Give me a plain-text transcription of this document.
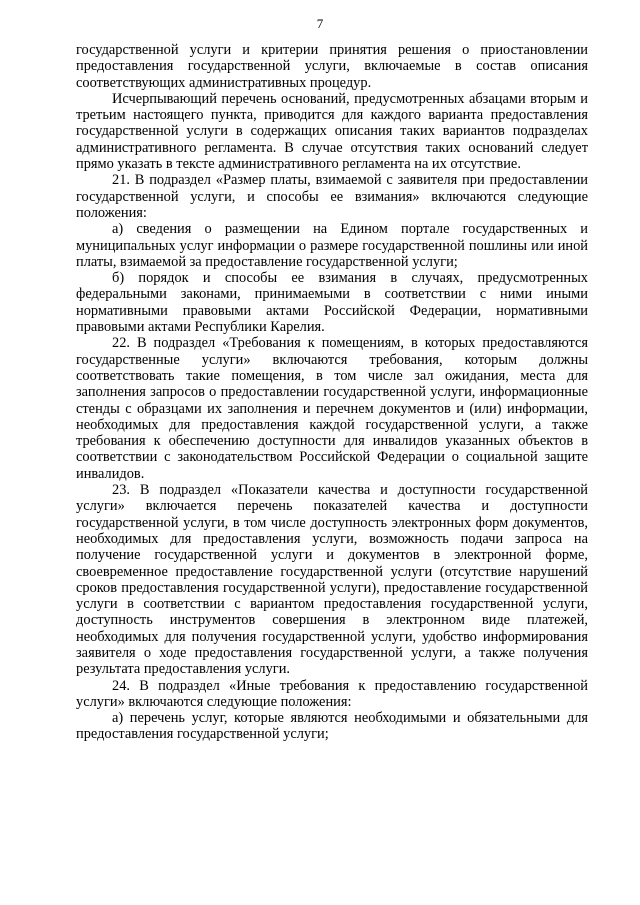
7

государственной услуги и критерии принятия решения о приостановлении предоставления государственной услуги, включаемые в состав описания соответствующих административных процедур.

Исчерпывающий перечень оснований, предусмотренных абзацами вторым и третьим настоящего пункта, приводится для каждого варианта предоставления государственной услуги в содержащих описания таких вариантов подразделах административного регламента. В случае отсутствия таких оснований следует прямо указать в тексте административного регламента на их отсутствие.

21. В подраздел «Размер платы, взимаемой с заявителя при предоставлении государственной услуги, и способы ее взимания» включаются следующие положения:

а) сведения о размещении на Едином портале государственных и муниципальных услуг информации о размере государственной пошлины или иной платы, взимаемой за предоставление государственной услуги;

б) порядок и способы ее взимания в случаях, предусмотренных федеральными законами, принимаемыми в соответствии с ними иными нормативными правовыми актами Российской Федерации, нормативными правовыми актами Республики Карелия.

22. В подраздел «Требования к помещениям, в которых предоставляются государственные услуги» включаются требования, которым должны соответствовать такие помещения, в том числе зал ожидания, места для заполнения запросов о предоставлении государственной услуги, информационные стенды с образцами их заполнения и перечнем документов и (или) информации, необходимых для предоставления каждой государственной услуги, а также требования к обеспечению доступности для инвалидов указанных объектов в соответствии с законодательством Российской Федерации о социальной защите инвалидов.

23. В подраздел «Показатели качества и доступности государственной услуги» включается перечень показателей качества и доступности государственной услуги, в том числе доступность электронных форм документов, необходимых для предоставления услуги, возможность подачи запроса на получение государственной услуги и документов в электронной форме, своевременное предоставление государственной услуги (отсутствие нарушений сроков предоставления государственной услуги), предоставление государственной услуги в соответствии с вариантом предоставления государственной услуги, доступность инструментов совершения в электронном виде платежей, необходимых для получения государственной услуги, удобство информирования заявителя о ходе предоставления государственной услуги, а также получения результата предоставления услуги.

24. В подраздел «Иные требования к предоставлению государственной услуги» включаются следующие положения:

а) перечень услуг, которые являются необходимыми и обязательными для предоставления государственной услуги;
